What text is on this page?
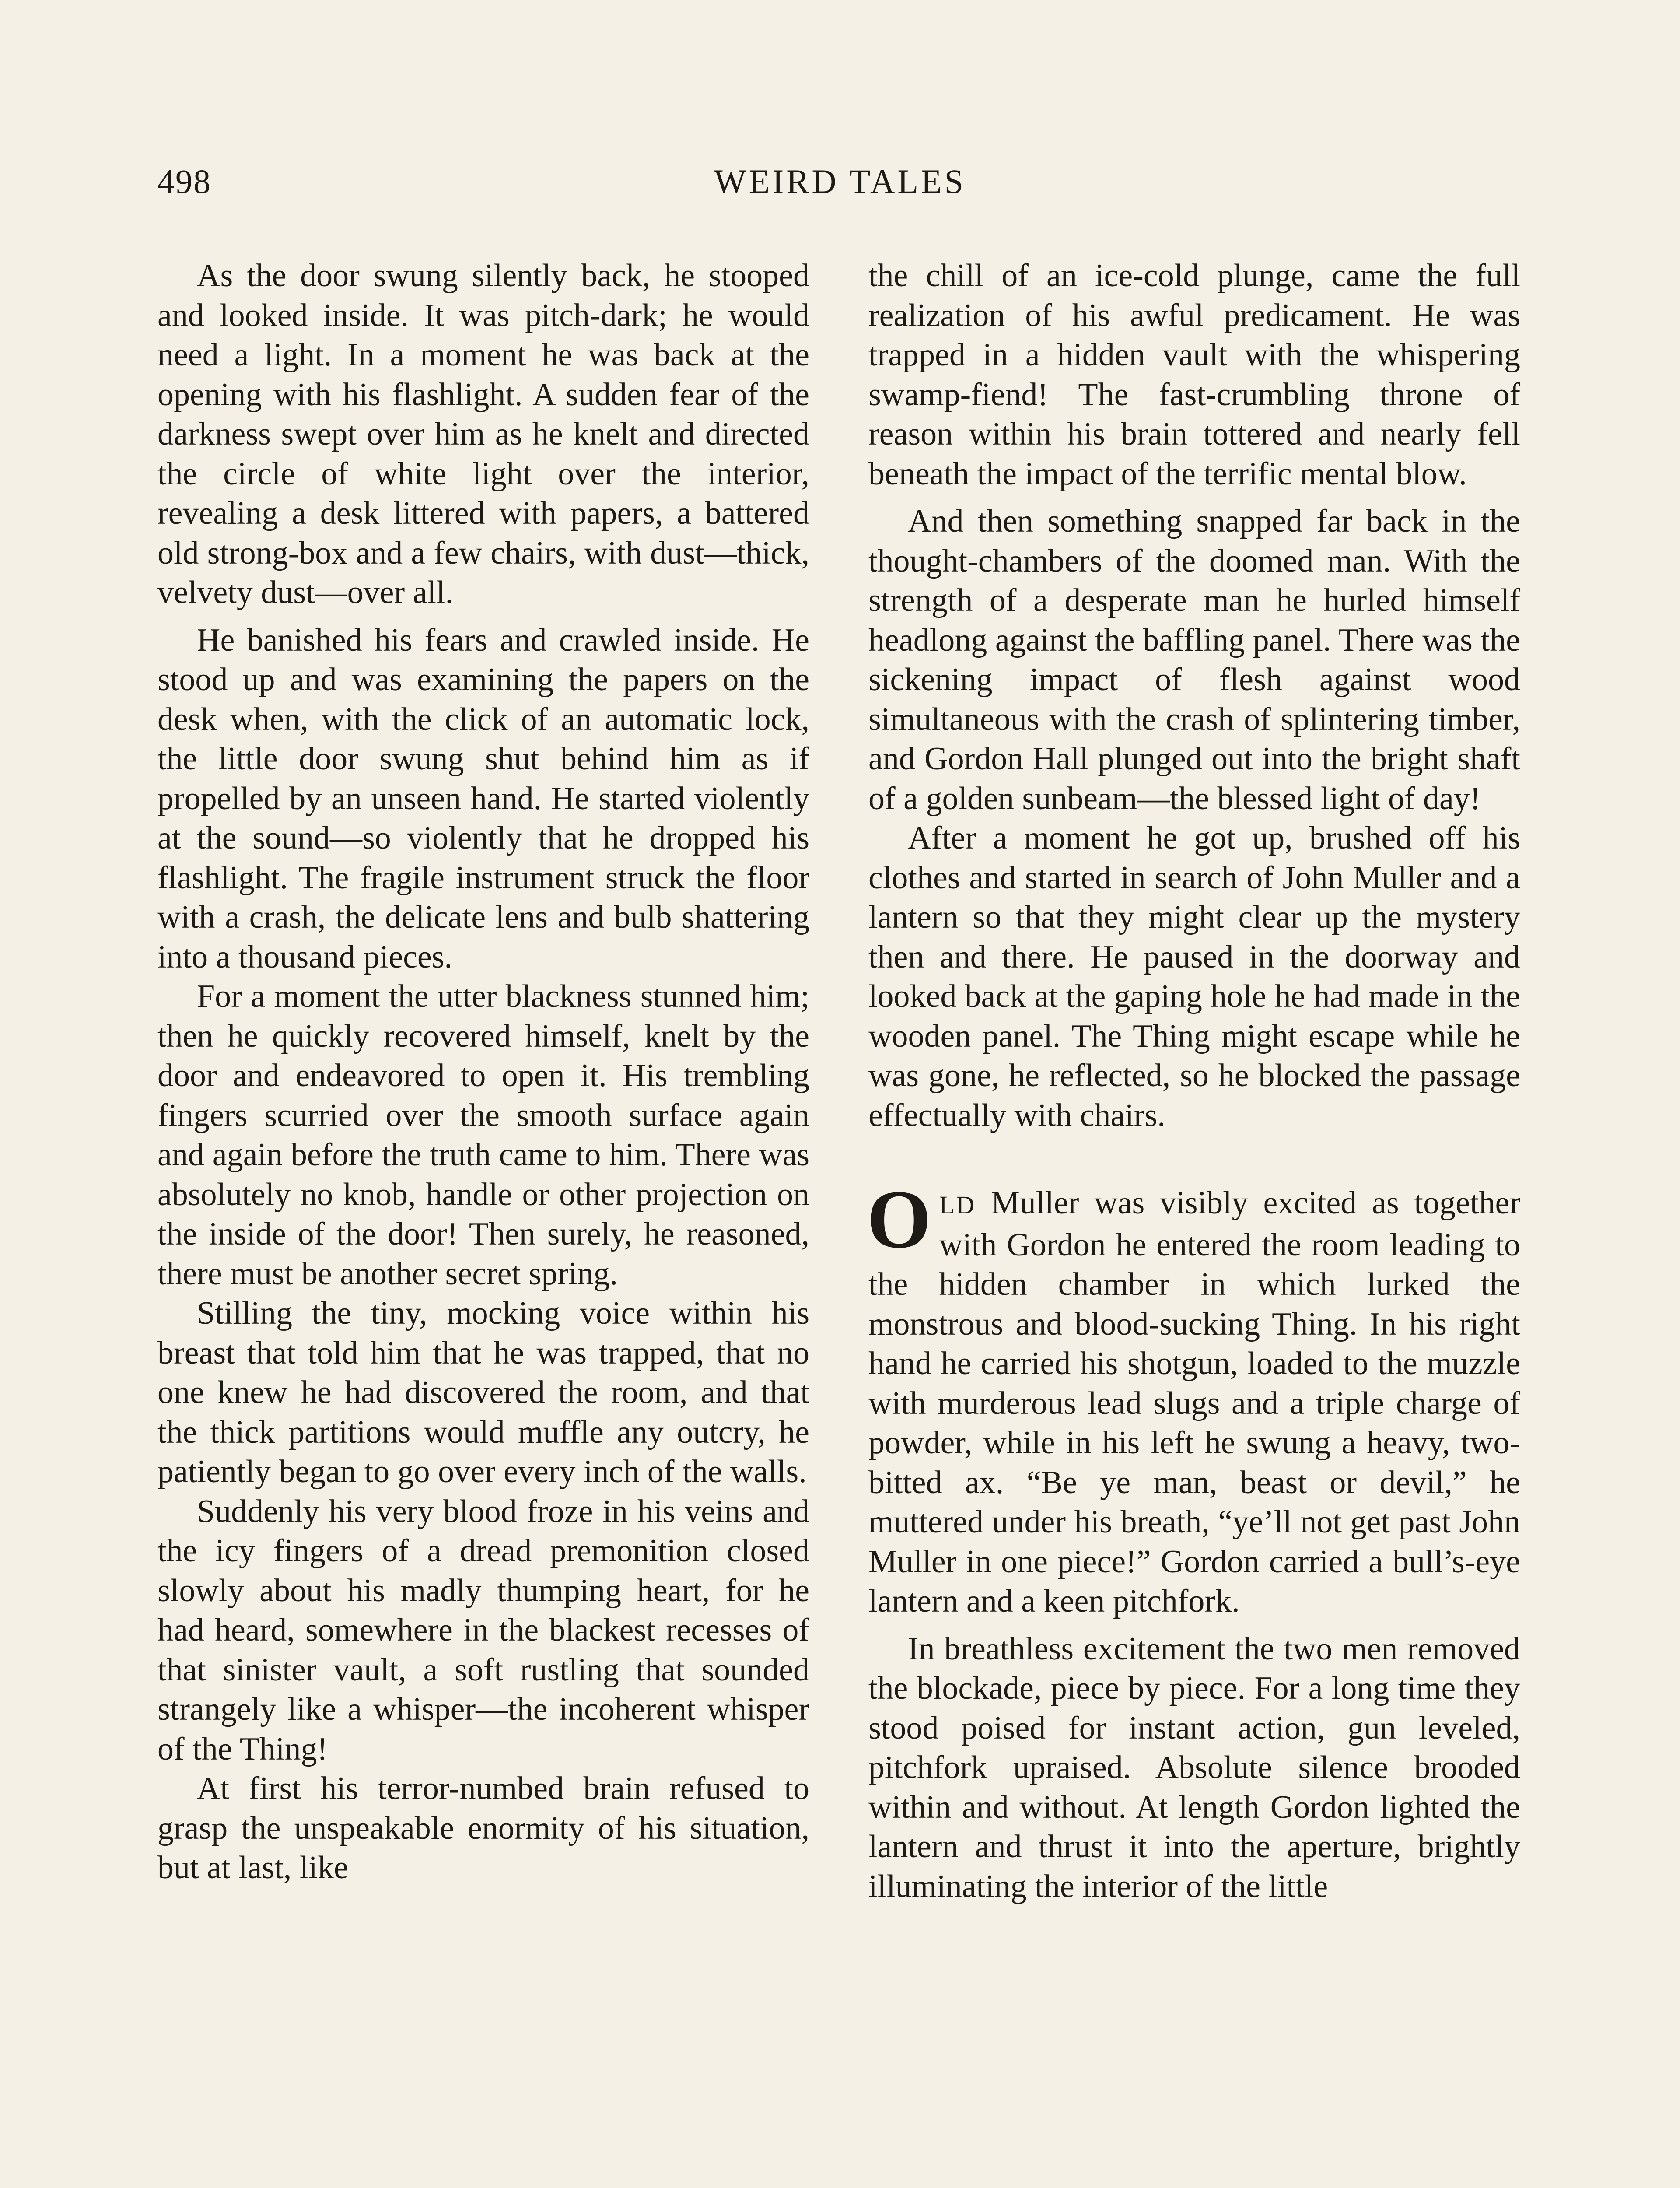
498	WEIRD TALES

As the door swung silently back, he stooped and looked inside. It was pitch-dark; he would need a light. In a moment he was back at the opening with his flashlight. A sudden fear of the darkness swept over him as he knelt and directed the circle of white light over the interior, revealing a desk littered with papers, a battered old strong-box and a few chairs, with dust—thick, velvety dust—over all.

He banished his fears and crawled inside. He stood up and was examining the papers on the desk when, with the click of an automatic lock, the little door swung shut behind him as if propelled by an unseen hand. He started violently at the sound—so violently that he dropped his flashlight. The fragile instrument struck the floor with a crash, the delicate lens and bulb shattering into a thousand pieces.

For a moment the utter blackness stunned him; then he quickly recovered himself, knelt by the door and endeavored to open it. His trembling fingers scurried over the smooth surface again and again before the truth came to him. There was absolutely no knob, handle or other projection on the inside of the door! Then surely, he reasoned, there must be another secret spring.

Stilling the tiny, mocking voice within his breast that told him that he was trapped, that no one knew he had discovered the room, and that the thick partitions would muffle any outcry, he patiently began to go over every inch of the walls.

Suddenly his very blood froze in his veins and the icy fingers of a dread premonition closed slowly about his madly thumping heart, for he had heard, somewhere in the blackest recesses of that sinister vault, a soft rustling that sounded strangely like a whisper—the incoherent whisper of the Thing!

At first his terror-numbed brain refused to grasp the unspeakable enormity of his situation, but at last, like

the chill of an ice-cold plunge, came the full realization of his awful predicament. He was trapped in a hidden vault with the whispering swamp-fiend! The fast-crumbling throne of reason within his brain tottered and nearly fell beneath the impact of the terrific mental blow.

And then something snapped far back in the thought-chambers of the doomed man. With the strength of a desperate man he hurled himself headlong against the baffling panel. There was the sickening impact of flesh against wood simultaneous with the crash of splintering timber, and Gordon Hall plunged out into the bright shaft of a golden sunbeam—the blessed light of day!

After a moment he got up, brushed off his clothes and started in search of John Muller and a lantern so that they might clear up the mystery then and there. He paused in the doorway and looked back at the gaping hole he had made in the wooden panel. The Thing might escape while he was gone, he reflected, so he blocked the passage effectually with chairs.

OLD Muller was visibly excited as together with Gordon he entered the room leading to the hidden chamber in which lurked the monstrous and blood-sucking Thing. In his right hand he carried his shotgun, loaded to the muzzle with murderous lead slugs and a triple charge of powder, while in his left he swung a heavy, two-bitted ax. “Be ye man, beast or devil,” he muttered under his breath, “ye’ll not get past John Muller in one piece!” Gordon carried a bull’s-eye lantern and a keen pitchfork.

In breathless excitement the two men removed the blockade, piece by piece. For a long time they stood poised for instant action, gun leveled, pitchfork upraised. Absolute silence brooded within and without. At length Gordon lighted the lantern and thrust it into the aperture, brightly illuminating the interior of the little
